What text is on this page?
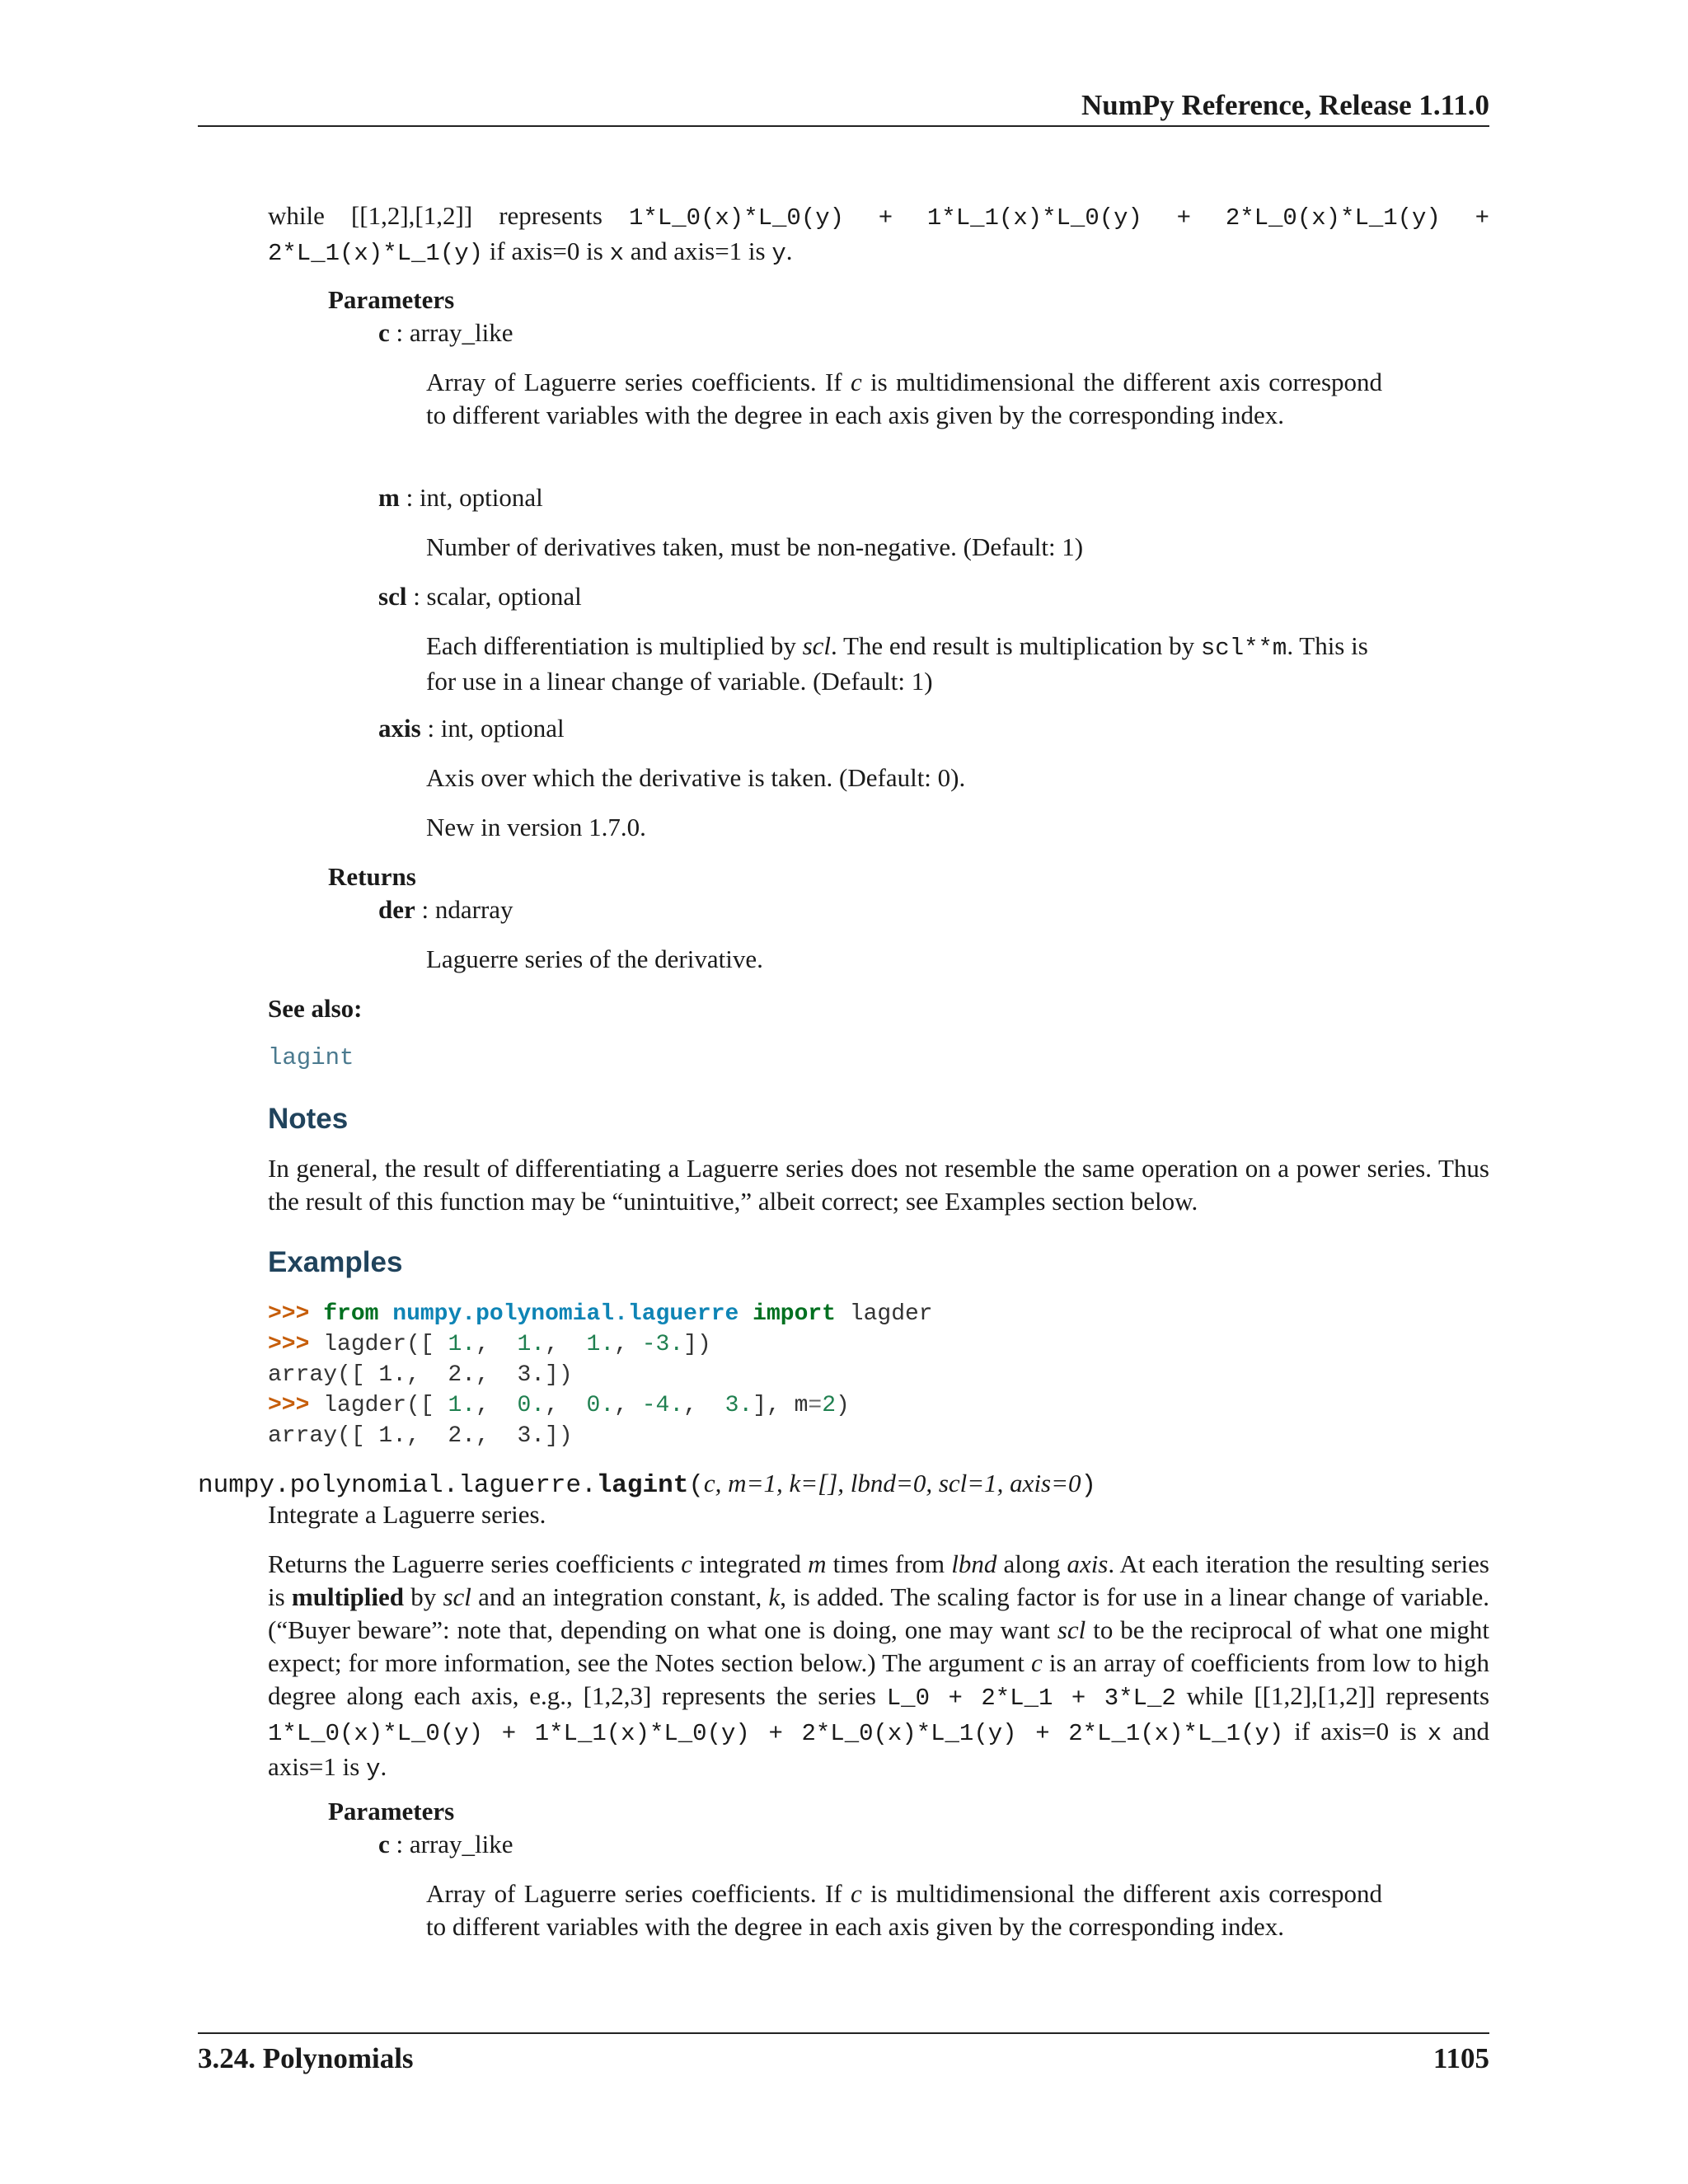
NumPy Reference, Release 1.11.0
while [[1,2],[1,2]] represents 1*L_0(x)*L_0(y) + 1*L_1(x)*L_0(y) + 2*L_0(x)*L_1(y) + 2*L_1(x)*L_1(y) if axis=0 is x and axis=1 is y.
Parameters
c : array_like
Array of Laguerre series coefficients. If c is multidimensional the different axis correspond to different variables with the degree in each axis given by the corresponding index.
m : int, optional
Number of derivatives taken, must be non-negative. (Default: 1)
scl : scalar, optional
Each differentiation is multiplied by scl. The end result is multiplication by scl**m. This is for use in a linear change of variable. (Default: 1)
axis : int, optional
Axis over which the derivative is taken. (Default: 0).
New in version 1.7.0.
Returns
der : ndarray
Laguerre series of the derivative.
See also:
lagint
Notes
In general, the result of differentiating a Laguerre series does not resemble the same operation on a power series. Thus the result of this function may be “unintuitive,” albeit correct; see Examples section below.
Examples
>>> from numpy.polynomial.laguerre import lagder
>>> lagder([ 1.,  1.,  1., -3.])
array([ 1.,  2.,  3.])
>>> lagder([ 1.,  0.,  0., -4.,  3.], m=2)
array([ 1.,  2.,  3.])
numpy.polynomial.laguerre.lagint(c, m=1, k=[], lbnd=0, scl=1, axis=0)
Integrate a Laguerre series.
Returns the Laguerre series coefficients c integrated m times from lbnd along axis. At each iteration the resulting series is multiplied by scl and an integration constant, k, is added. The scaling factor is for use in a linear change of variable. (“Buyer beware”: note that, depending on what one is doing, one may want scl to be the reciprocal of what one might expect; for more information, see the Notes section below.) The argument c is an array of coefficients from low to high degree along each axis, e.g., [1,2,3] represents the series L_0 + 2*L_1 + 3*L_2 while [[1,2],[1,2]] represents 1*L_0(x)*L_0(y) + 1*L_1(x)*L_0(y) + 2*L_0(x)*L_1(y) + 2*L_1(x)*L_1(y) if axis=0 is x and axis=1 is y.
Parameters
c : array_like
Array of Laguerre series coefficients. If c is multidimensional the different axis correspond to different variables with the degree in each axis given by the corresponding index.
3.24. Polynomials	1105
